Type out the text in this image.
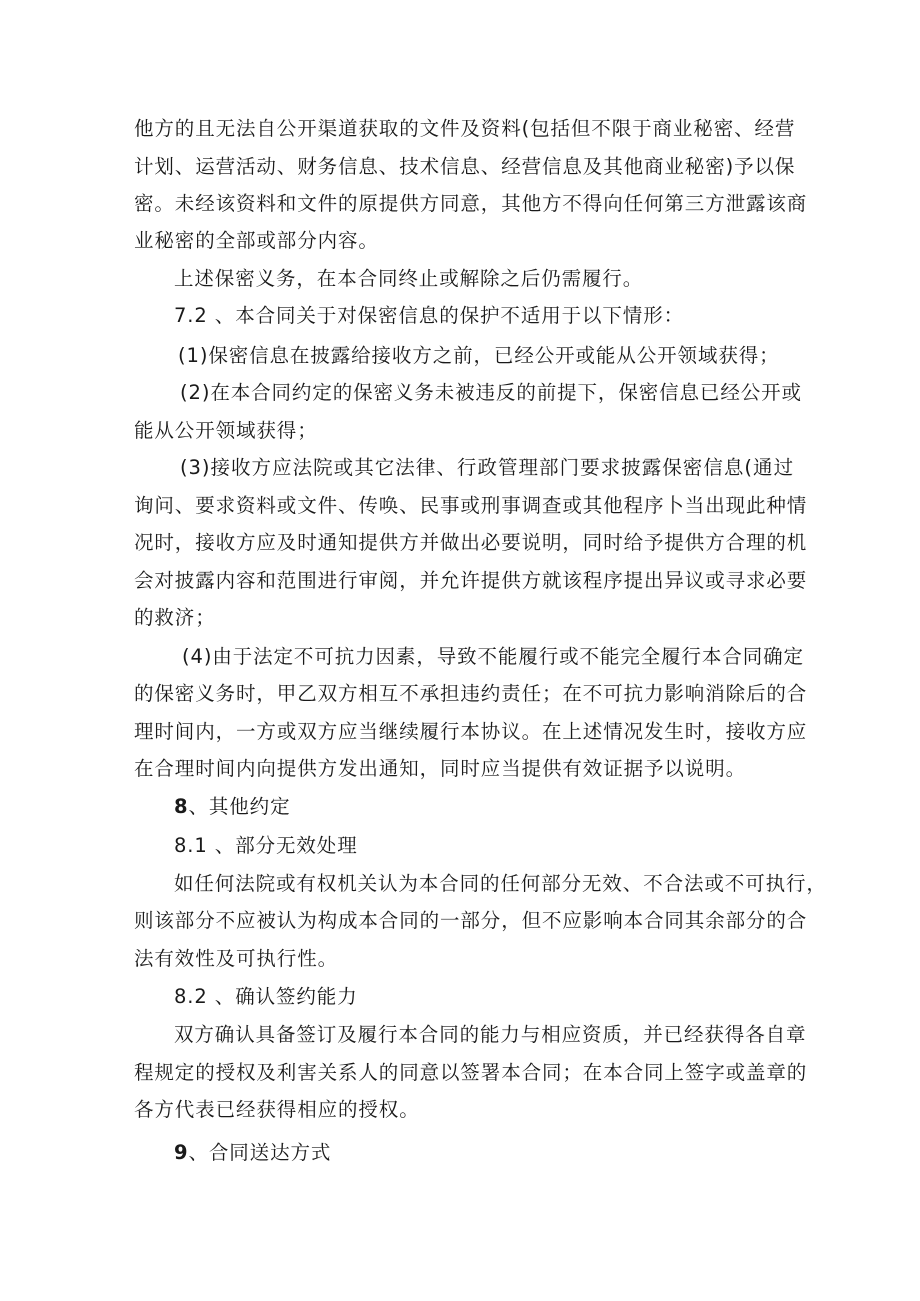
他方的且无法自公开渠道获取的文件及资料(包括但不限于商业秘密、经营
计划、运营活动、财务信息、技术信息、经营信息及其他商业秘密)予以保
密。未经该资料和文件的原提供方同意，其他方不得向任何第三方泄露该商
业秘密的全部或部分内容。
上述保密义务，在本合同终止或解除之后仍需履行。
7.2 、本合同关于对保密信息的保护不适用于以下情形：
(1)保密信息在披露给接收方之前，已经公开或能从公开领域获得；
(2)在本合同约定的保密义务未被违反的前提下，保密信息已经公开或
能从公开领域获得；
(3)接收方应法院或其它法律、行政管理部门要求披露保密信息(通过
询问、要求资料或文件、传唤、民事或刑事调查或其他程序卜当出现此种情
况时，接收方应及时通知提供方并做出必要说明，同时给予提供方合理的机
会对披露内容和范围进行审阅，并允许提供方就该程序提出异议或寻求必要
的救济；
(4)由于法定不可抗力因素，导致不能履行或不能完全履行本合同确定
的保密义务时，甲乙双方相互不承担违约责任；在不可抗力影响消除后的合
理时间内，一方或双方应当继续履行本协议。在上述情况发生时，接收方应
在合理时间内向提供方发出通知，同时应当提供有效证据予以说明。
8、其他约定
8.1 、部分无效处理
如任何法院或有权机关认为本合同的任何部分无效、不合法或不可执行，
则该部分不应被认为构成本合同的一部分，但不应影响本合同其余部分的合
法有效性及可执行性。
8.2 、确认签约能力
双方确认具备签订及履行本合同的能力与相应资质，并已经获得各自章
程规定的授权及利害关系人的同意以签署本合同；在本合同上签字或盖章的
各方代表已经获得相应的授权。
9、合同送达方式
